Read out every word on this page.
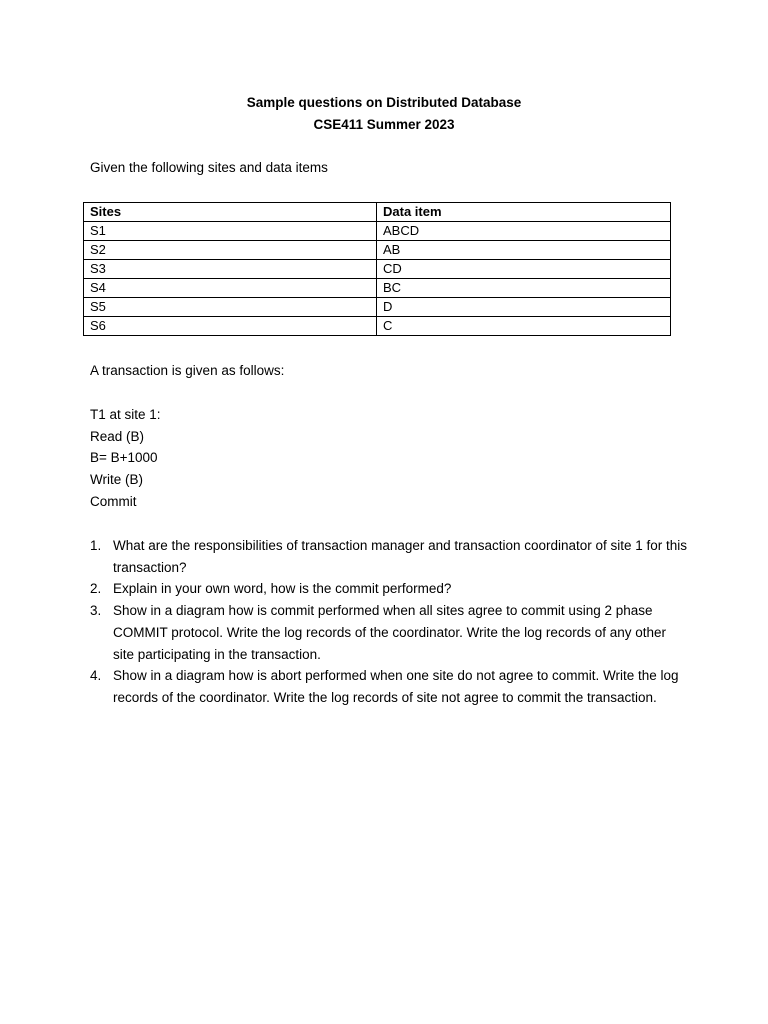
Sample questions on Distributed Database
CSE411 Summer 2023
Given the following sites and data items
Sites	Data item
S1	ABCD
S2	AB
S3	CD
S4	BC
S5	D
S6	C
A transaction is given as follows:
T1 at site 1:
Read (B)
B= B+1000
Write (B)
Commit
1. What are the responsibilities of transaction manager and transaction coordinator of site 1 for this transaction?
2. Explain in your own word, how is the commit performed?
3. Show in a diagram how is commit performed when all sites agree to commit using 2 phase COMMIT protocol. Write the log records of the coordinator. Write the log records of any other site participating in the transaction.
4. Show in a diagram how is abort performed when one site do not agree to commit. Write the log records of the coordinator. Write the log records of site not agree to commit the transaction.
